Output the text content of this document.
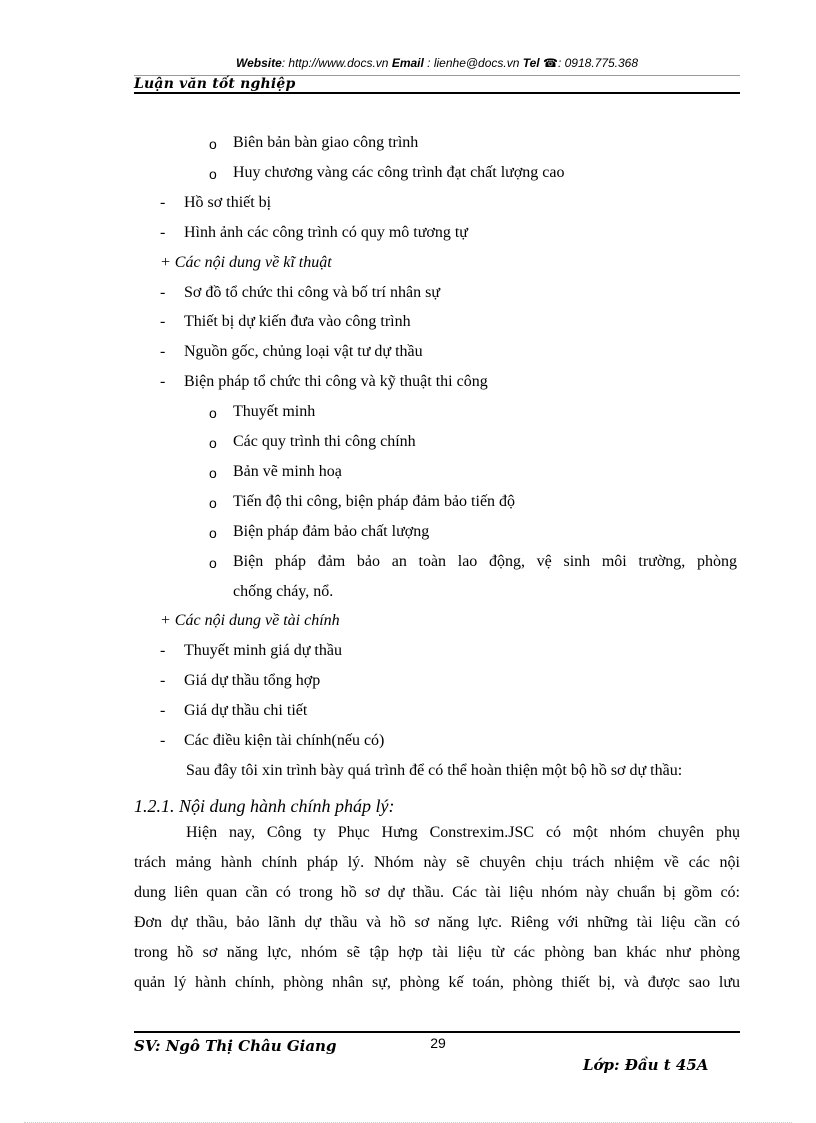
Website: http://www.docs.vn Email : lienhe@docs.vn Tel ☎: 0918.775.368
Luận văn tốt nghiệp
o Biên bản bàn giao công trình
o Huy chương vàng các công trình đạt chất lượng cao
- Hồ sơ thiết bị
- Hình ảnh các công trình có quy mô tương tự
+ Các nội dung về kĩ thuật
- Sơ đồ tổ chức thi công và bố trí nhân sự
- Thiết bị dự kiến đưa vào công trình
- Nguồn gốc, chủng loại vật tư dự thầu
- Biện pháp tổ chức thi công và kỹ thuật thi công
o Thuyết minh
o Các quy trình thi công chính
o Bản vẽ minh hoạ
o Tiến độ thi công, biện pháp đảm bảo tiến độ
o Biện pháp đảm bảo chất lượng
o Biện pháp đảm bảo an toàn lao động, vệ sinh môi trường, phòng
chống cháy, nổ.
+ Các nội dung về tài chính
- Thuyết minh giá dự thầu
- Giá dự thầu tổng hợp
- Giá dự thầu chi tiết
- Các điều kiện tài chính(nếu có)
Sau đây tôi xin trình bày quá trình để có thể hoàn thiện một bộ hồ sơ dự thầu:
1.2.1. Nội dung hành chính pháp lý:
Hiện nay, Công ty Phục Hưng Constrexim.JSC có một nhóm chuyên phụ
trách mảng hành chính pháp lý. Nhóm này sẽ chuyên chịu trách nhiệm về các nội
dung liên quan cần có trong hồ sơ dự thầu. Các tài liệu nhóm này chuẩn bị gồm có:
Đơn dự thầu, bảo lãnh dự thầu và hồ sơ năng lực. Riêng với những tài liệu cần có
trong hồ sơ năng lực, nhóm sẽ tập hợp tài liệu từ các phòng ban khác như phòng
quản lý hành chính, phòng nhân sự, phòng kế toán, phòng thiết bị, và được sao lưu
SV: Ngô Thị Châu Giang	29
Lớp: Đầu t 45A
